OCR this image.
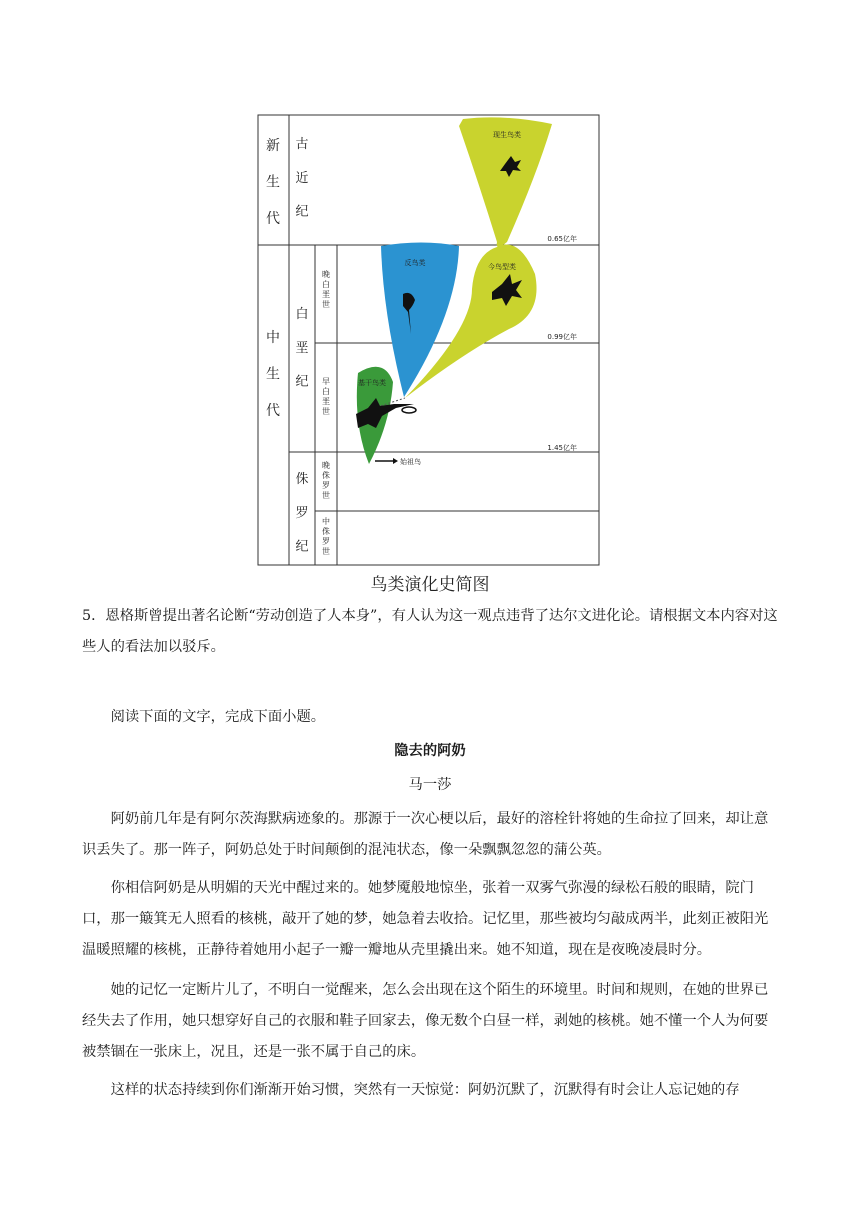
新生代
中生代
古近纪
白垩纪
侏罗纪
晚白垩世
早白垩世
晚侏罗世
中侏罗世
现生鸟类
反鸟类	今鸟型类
基干鸟类
始祖鸟
0.65亿年
0.99亿年
1.45亿年
鸟类演化史简图

5．恩格斯曾提出著名论断“劳动创造了人本身”，有人认为这一观点违背了达尔文进化论。请根据文本内容对这些人的看法加以驳斥。

阅读下面的文字，完成下面小题。

隐去的阿奶
马一莎

阿奶前几年是有阿尔茨海默病迹象的。那源于一次心梗以后，最好的溶栓针将她的生命拉了回来，却让意识丢失了。那一阵子，阿奶总处于时间颠倒的混沌状态，像一朵飘飘忽忽的蒲公英。

你相信阿奶是从明媚的天光中醒过来的。她梦魇般地惊坐，张着一双雾气弥漫的绿松石般的眼睛，院门口，那一簸箕无人照看的核桃，敲开了她的梦，她急着去收拾。记忆里，那些被均匀敲成两半，此刻正被阳光温暖照耀的核桃，正静待着她用小起子一瓣一瓣地从壳里撬出来。她不知道，现在是夜晚凌晨时分。

她的记忆一定断片儿了，不明白一觉醒来，怎么会出现在这个陌生的环境里。时间和规则，在她的世界已经失去了作用，她只想穿好自己的衣服和鞋子回家去，像无数个白昼一样，剥她的核桃。她不懂一个人为何要被禁锢在一张床上，况且，还是一张不属于自己的床。

这样的状态持续到你们渐渐开始习惯，突然有一天惊觉：阿奶沉默了，沉默得有时会让人忘记她的存
